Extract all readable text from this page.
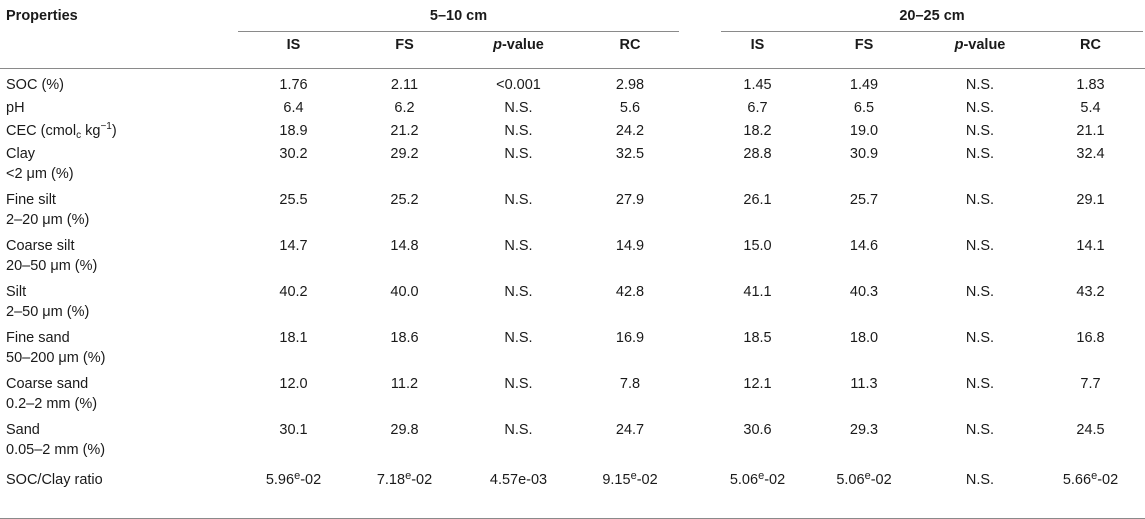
Properties	5–10 cm					20–25 cm			

	IS	FS	p-value	RC		IS	FS	p-value	RC

SOC (%)	1.76	2.11	<0.001	2.98		1.45	1.49	N.S.	1.83

pH	6.4	6.2	N.S.	5.6		6.7	6.5	N.S.	5.4

CEC (cmol$_c$ $kg^{-1}$)	18.9	21.2	N.S.	24.2		18.2	19.0	N.S.	21.1

Clay
<2 μm (%)	30.2	29.2	N.S.	32.5		28.8	30.9	N.S.	32.4

Fine silt
2–20 μm (%)	25.5	25.2	N.S.	27.9		26.1	25.7	N.S.	29.1

Coarse silt
20–50 μm (%)	14.7	14.8	N.S.	14.9		15.0	14.6	N.S.	14.1

Silt
2–50 μm (%)	40.2	40.0	N.S.	42.8		41.1	40.3	N.S.	43.2

Fine sand
50–200 μm (%)	18.1	18.6	N.S.	16.9		18.5	18.0	N.S.	16.8

Coarse sand
0.2–2 mm (%)	12.0	11.2	N.S.	7.8		12.1	11.3	N.S.	7.7

Sand
0.05–2 mm (%)	30.1	29.8	N.S.	24.7		30.6	29.3	N.S.	24.5
SOC/Clay ratio	5.96e-02	7.18e-02	4.57e-03	9.15e-02		5.06e-02	5.06e-02	N.S.	5.66e-02
